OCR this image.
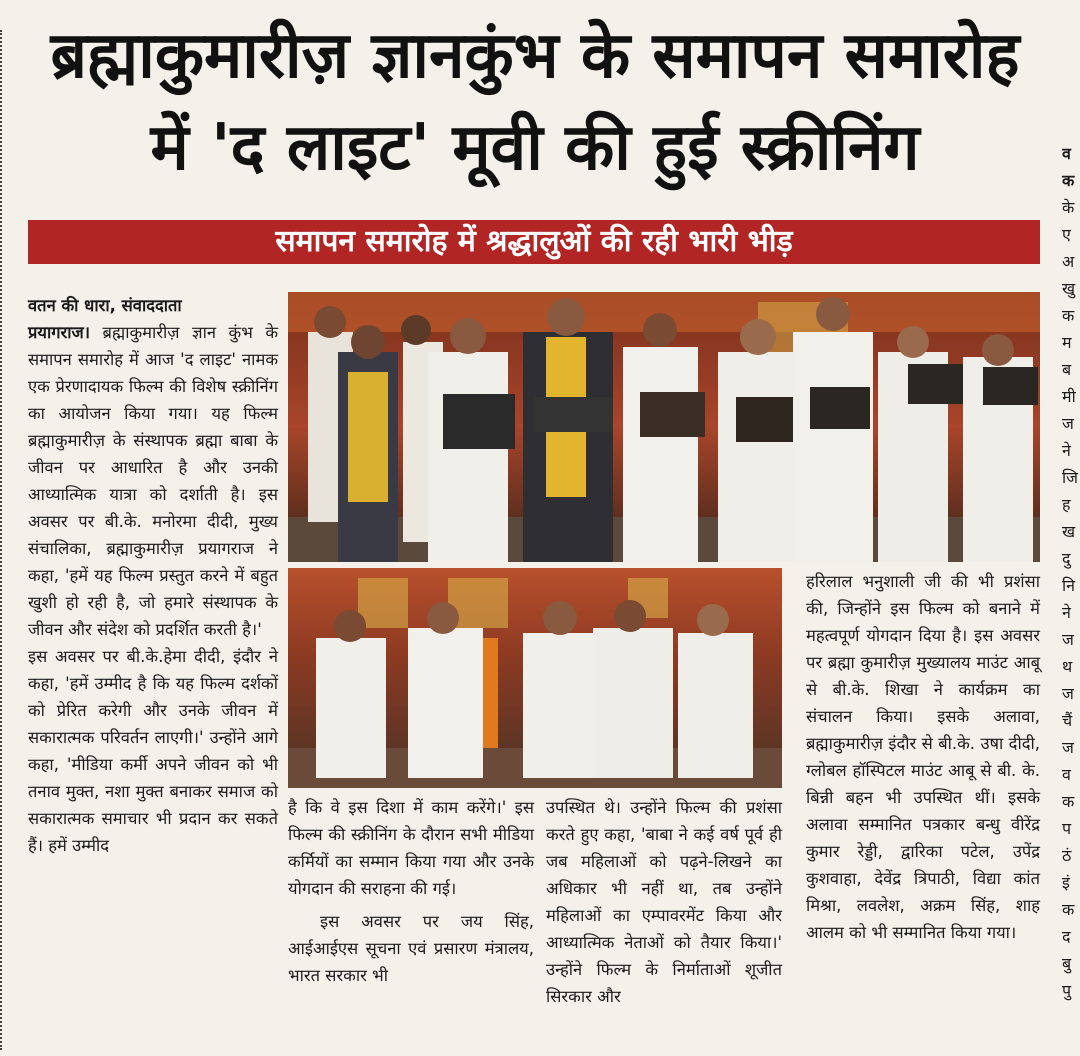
ब्रह्माकुमारीज़ ज्ञानकुंभ के समापन समारोह
में 'द लाइट' मूवी की हुई स्क्रीनिंग
समापन समारोह में श्रद्धालुओं की रही भारी भीड़

वतन की धारा, संवाददाता

प्रयागराज। ब्रह्माकुमारीज़ ज्ञान कुंभ के समापन समारोह में आज 'द लाइट' नामक एक प्रेरणादायक फिल्म की विशेष स्क्रीनिंग का आयोजन किया गया। यह फिल्म ब्रह्माकुमारीज़ के संस्थापक ब्रह्मा बाबा के जीवन पर आधारित है और उनकी आध्यात्मिक यात्रा को दर्शाती है। इस अवसर पर बी.के. मनोरमा दीदी, मुख्य संचालिका, ब्रह्माकुमारीज़ प्रयागराज ने कहा, 'हमें यह फिल्म प्रस्तुत करने में बहुत खुशी हो रही है, जो हमारे संस्थापक के जीवन और संदेश को प्रदर्शित करती है।'

इस अवसर पर बी.के.हेमा दीदी, इंदौर ने कहा, 'हमें उम्मीद है कि यह फिल्म दर्शकों को प्रेरित करेगी और उनके जीवन में सकारात्मक परिवर्तन लाएगी।' उन्होंने आगे कहा, 'मीडिया कर्मी अपने जीवन को भी तनाव मुक्त, नशा मुक्त बनाकर समाज को सकारात्मक समाचार भी प्रदान कर सकते हैं। हमें उम्मीद

है कि वे इस दिशा में काम करेंगे।' इस फिल्म की स्क्रीनिंग के दौरान सभी मीडिया कर्मियों का सम्मान किया गया और उनके योगदान की सराहना की गई।

इस अवसर पर जय सिंह, आईआईएस सूचना एवं प्रसारण मंत्रालय, भारत सरकार भी

उपस्थित थे। उन्होंने फिल्म की प्रशंसा करते हुए कहा, 'बाबा ने कई वर्ष पूर्व ही जब महिलाओं को पढ़ने-लिखने का अधिकार भी नहीं था, तब उन्होंने महिलाओं का एम्पावरमेंट किया और आध्यात्मिक नेताओं को तैयार किया।' उन्होंने फिल्म के निर्माताओं शूजीत सिरकार और

हरिलाल भनुशाली जी की भी प्रशंसा की, जिन्होंने इस फिल्म को बनाने में महत्वपूर्ण योगदान दिया है। इस अवसर पर ब्रह्मा कुमारीज़ मुख्यालय माउंट आबू से बी.के. शिखा ने कार्यक्रम का संचालन किया। इसके अलावा, ब्रह्माकुमारीज़ इंदौर से बी.के. उषा दीदी, ग्लोबल हॉस्पिटल माउंट आबू से बी. के. बिन्नी बहन भी उपस्थित थीं। इसके अलावा सम्मानित पत्रकार बन्धु वीरेंद्र कुमार रेड्डी, द्वारिका पटेल, उपेंद्र कुशवाहा, देवेंद्र त्रिपाठी, विद्या कांत मिश्रा, लवलेश, अक्रम सिंह, शाह आलम को भी सम्मानित किया गया।

व
क
के
ए
अ
खु
क
म
ब
मी
ज
ने
जि
ह
ख
दु
नि
ने
ज
थ
ज
चैं
ज
व
क
प
ठं
इं
क
द
बु
पु
